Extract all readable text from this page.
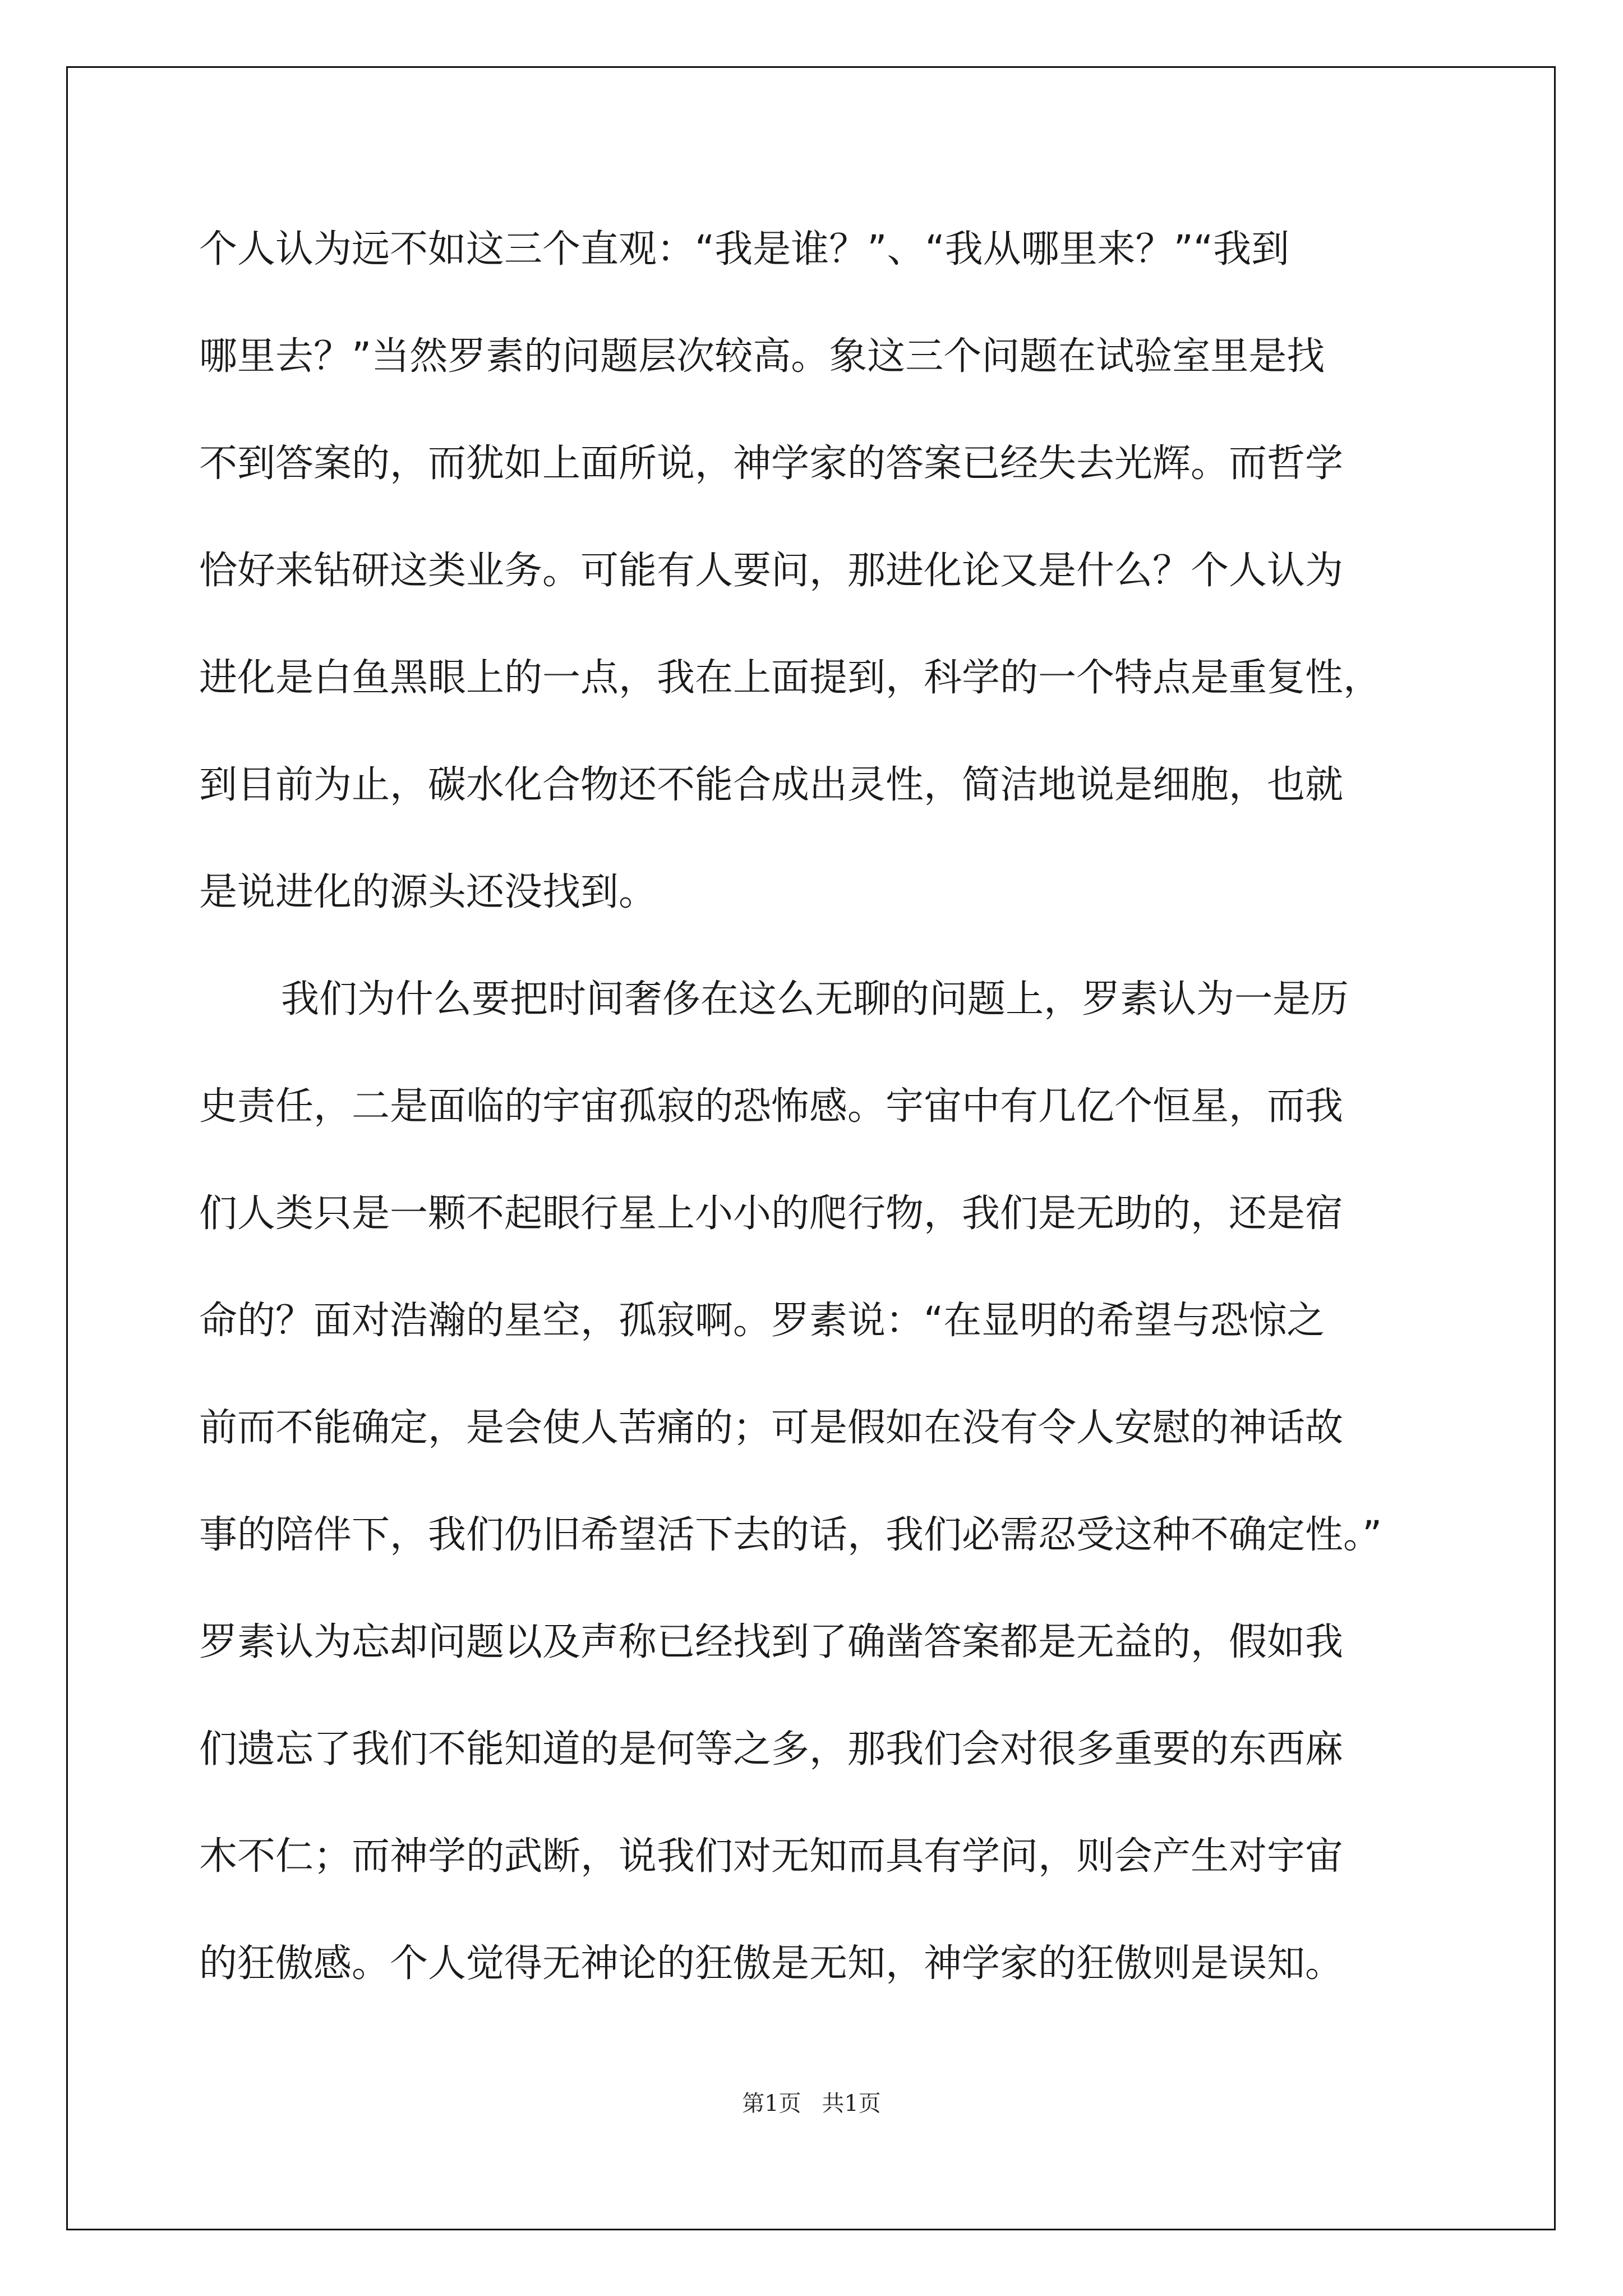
个人认为远不如这三个直观：“我是谁？”、“我从哪里来？”“我到
哪里去？”当然罗素的问题层次较高。象这三个问题在试验室里是找
不到答案的，而犹如上面所说，神学家的答案已经失去光辉。而哲学
恰好来钻研这类业务。可能有人要问，那进化论又是什么？个人认为
进化是白鱼黑眼上的一点，我在上面提到，科学的一个特点是重复性，
到目前为止，碳水化合物还不能合成出灵性，简洁地说是细胞，也就
是说进化的源头还没找到。
我们为什么要把时间奢侈在这么无聊的问题上，罗素认为一是历
史责任，二是面临的宇宙孤寂的恐怖感。宇宙中有几亿个恒星，而我
们人类只是一颗不起眼行星上小小的爬行物，我们是无助的，还是宿
命的？面对浩瀚的星空，孤寂啊。罗素说：“在显明的希望与恐惊之
前而不能确定，是会使人苦痛的；可是假如在没有令人安慰的神话故
事的陪伴下，我们仍旧希望活下去的话，我们必需忍受这种不确定性。”
罗素认为忘却问题以及声称已经找到了确凿答案都是无益的，假如我
们遗忘了我们不能知道的是何等之多，那我们会对很多重要的东西麻
木不仁；而神学的武断，说我们对无知而具有学问，则会产生对宇宙
的狂傲感。个人觉得无神论的狂傲是无知，神学家的狂傲则是误知。
第1页 共1页
